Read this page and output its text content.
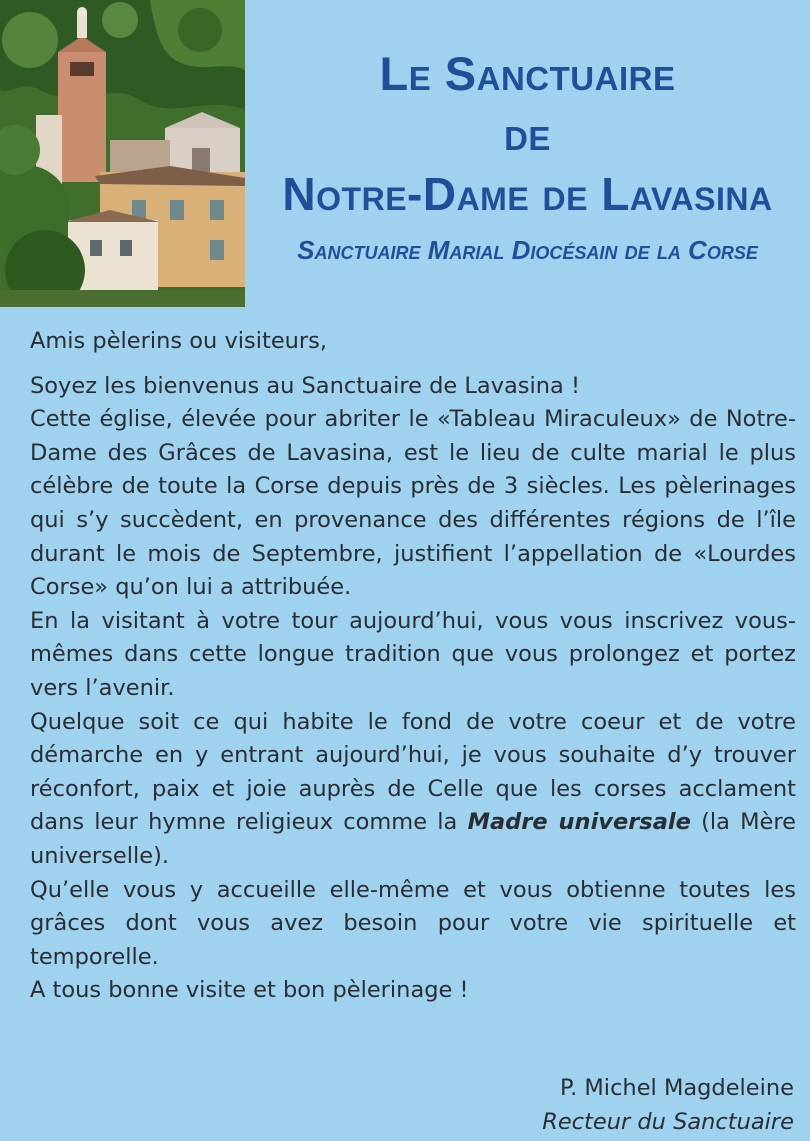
Le Sanctuaire
de
Notre-Dame de Lavasina
Sanctuaire Marial Diocésain de la Corse

Amis pèlerins ou visiteurs,

Soyez les bienvenus au Sanctuaire de Lavasina !

Cette église, élevée pour abriter le «Tableau Miraculeux» de Notre-Dame des Grâces de Lavasina, est le lieu de culte marial le plus célèbre de toute la Corse depuis près de 3 siècles. Les pèlerinages qui s’y succèdent, en provenance des différentes régions de l’île durant le mois de Septembre, justifient l’appellation de «Lourdes Corse» qu’on lui a attribuée.

En la visitant à votre tour aujourd’hui, vous vous inscrivez vous-mêmes dans cette longue tradition que vous prolongez et portez vers l’avenir.

Quelque soit ce qui habite le fond de votre coeur et de votre démarche en y entrant aujourd’hui, je vous souhaite d’y trouver réconfort, paix et joie auprès de Celle que les corses acclament dans leur hymne religieux comme la Madre universale (la Mère universelle).

Qu’elle vous y accueille elle-même et vous obtienne toutes les grâces dont vous avez besoin pour votre vie spirituelle et temporelle.

A tous bonne visite et bon pèlerinage !

P. Michel Magdeleine
Recteur du Sanctuaire
